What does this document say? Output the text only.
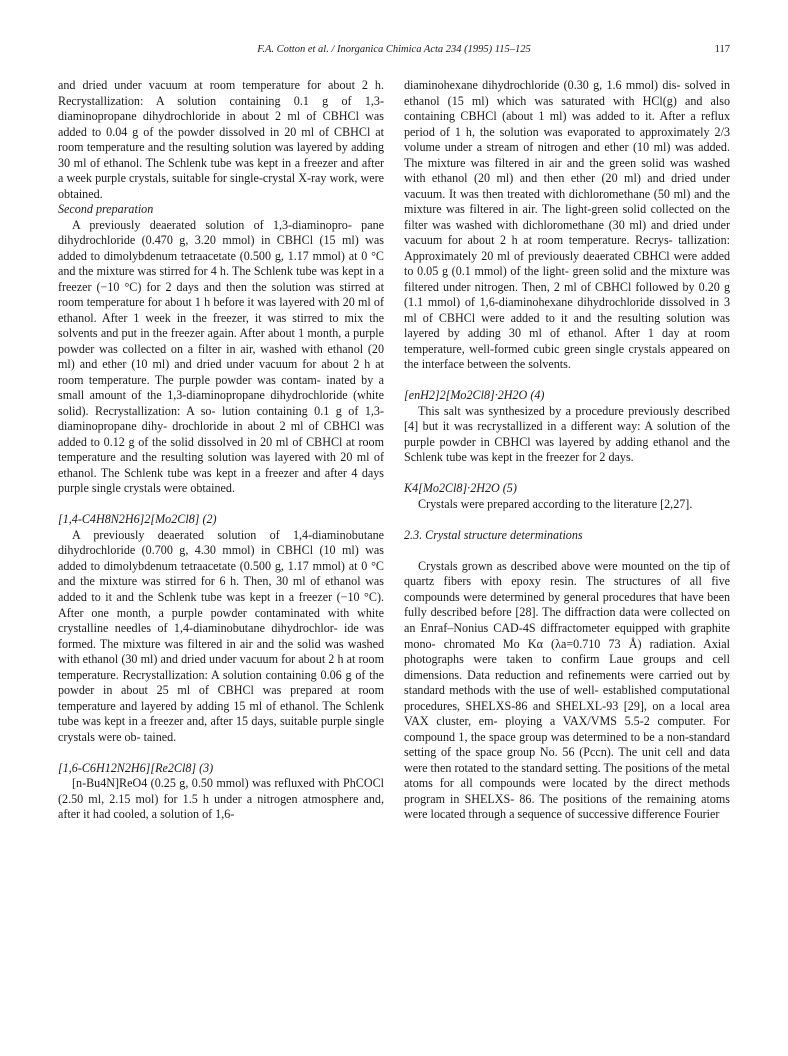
F.A. Cotton et al. / Inorganica Chimica Acta 234 (1995) 115–125	117

and dried under vacuum at room temperature for about 2 h. Recrystallization: A solution containing 0.1 g of 1,3-diaminopropane dihydrochloride in about 2 ml of CBHCl was added to 0.04 g of the powder dissolved in 20 ml of CBHCl at room temperature and the resulting solution was layered by adding 30 ml of ethanol. The Schlenk tube was kept in a freezer and after a week purple crystals, suitable for single-crystal X-ray work, were obtained.

Second preparation

A previously deaerated solution of 1,3-diaminopro- pane dihydrochloride (0.470 g, 3.20 mmol) in CBHCl (15 ml) was added to dimolybdenum tetraacetate (0.500 g, 1.17 mmol) at 0 °C and the mixture was stirred for 4 h. The Schlenk tube was kept in a freezer (−10 °C) for 2 days and then the solution was stirred at room temperature for about 1 h before it was layered with 20 ml of ethanol. After 1 week in the freezer, it was stirred to mix the solvents and put in the freezer again. After about 1 month, a purple powder was collected on a filter in air, washed with ethanol (20 ml) and ether (10 ml) and dried under vacuum for about 2 h at room temperature. The purple powder was contam- inated by a small amount of the 1,3-diaminopropane dihydrochloride (white solid). Recrystallization: A so- lution containing 0.1 g of 1,3-diaminopropane dihy- drochloride in about 2 ml of CBHCl was added to 0.12 g of the solid dissolved in 20 ml of CBHCl at room temperature and the resulting solution was layered with 20 ml of ethanol. The Schlenk tube was kept in a freezer and after 4 days purple single crystals were obtained.

[1,4-C4H8N2H6]2[Mo2Cl8] (2)

A previously deaerated solution of 1,4-diaminobutane dihydrochloride (0.700 g, 4.30 mmol) in CBHCl (10 ml) was added to dimolybdenum tetraacetate (0.500 g, 1.17 mmol) at 0 °C and the mixture was stirred for 6 h. Then, 30 ml of ethanol was added to it and the Schlenk tube was kept in a freezer (−10 °C). After one month, a purple powder contaminated with white crystalline needles of 1,4-diaminobutane dihydrochlor- ide was formed. The mixture was filtered in air and the solid was washed with ethanol (30 ml) and dried under vacuum for about 2 h at room temperature. Recrystallization: A solution containing 0.06 g of the powder in about 25 ml of CBHCl was prepared at room temperature and layered by adding 15 ml of ethanol. The Schlenk tube was kept in a freezer and, after 15 days, suitable purple single crystals were ob- tained.

[1,6-C6H12N2H6][Re2Cl8] (3)

[n-Bu4N]ReO4 (0.25 g, 0.50 mmol) was refluxed with PhCOCl (2.50 ml, 2.15 mol) for 1.5 h under a nitrogen atmosphere and, after it had cooled, a solution of 1,6-

diaminohexane dihydrochloride (0.30 g, 1.6 mmol) dis- solved in ethanol (15 ml) which was saturated with HCl(g) and also containing CBHCl (about 1 ml) was added to it. After a reflux period of 1 h, the solution was evaporated to approximately 2/3 volume under a stream of nitrogen and ether (10 ml) was added. The mixture was filtered in air and the green solid was washed with ethanol (20 ml) and then ether (20 ml) and dried under vacuum. It was then treated with dichloromethane (50 ml) and the mixture was filtered in air. The light-green solid collected on the filter was washed with dichloromethane (30 ml) and dried under vacuum for about 2 h at room temperature. Recrys- tallization: Approximately 20 ml of previously deaerated CBHCl were added to 0.05 g (0.1 mmol) of the light- green solid and the mixture was filtered under nitrogen. Then, 2 ml of CBHCl followed by 0.20 g (1.1 mmol) of 1,6-diaminohexane dihydrochloride dissolved in 3 ml of CBHCl were added to it and the resulting solution was layered by adding 30 ml of ethanol. After 1 day at room temperature, well-formed cubic green single crystals appeared on the interface between the solvents.

[enH2]2[Mo2Cl8]·2H2O (4)

This salt was synthesized by a procedure previously described [4] but it was recrystallized in a different way: A solution of the purple powder in CBHCl was layered by adding ethanol and the Schlenk tube was kept in the freezer for 2 days.

K4[Mo2Cl8]·2H2O (5)

Crystals were prepared according to the literature [2,27].

2.3. Crystal structure determinations

Crystals grown as described above were mounted on the tip of quartz fibers with epoxy resin. The structures of all five compounds were determined by general procedures that have been fully described before [28]. The diffraction data were collected on an Enraf–Nonius CAD-4S diffractometer equipped with graphite mono- chromated Mo Kα (λa=0.710 73 Å) radiation. Axial photographs were taken to confirm Laue groups and cell dimensions. Data reduction and refinements were carried out by standard methods with the use of well- established computational procedures, SHELXS-86 and SHELXL-93 [29], on a local area VAX cluster, em- ploying a VAX/VMS 5.5-2 computer. For compound 1, the space group was determined to be a non-standard setting of the space group No. 56 (Pccn). The unit cell and data were then rotated to the standard setting. The positions of the metal atoms for all compounds were located by the direct methods program in SHELXS- 86. The positions of the remaining atoms were located through a sequence of successive difference Fourier
